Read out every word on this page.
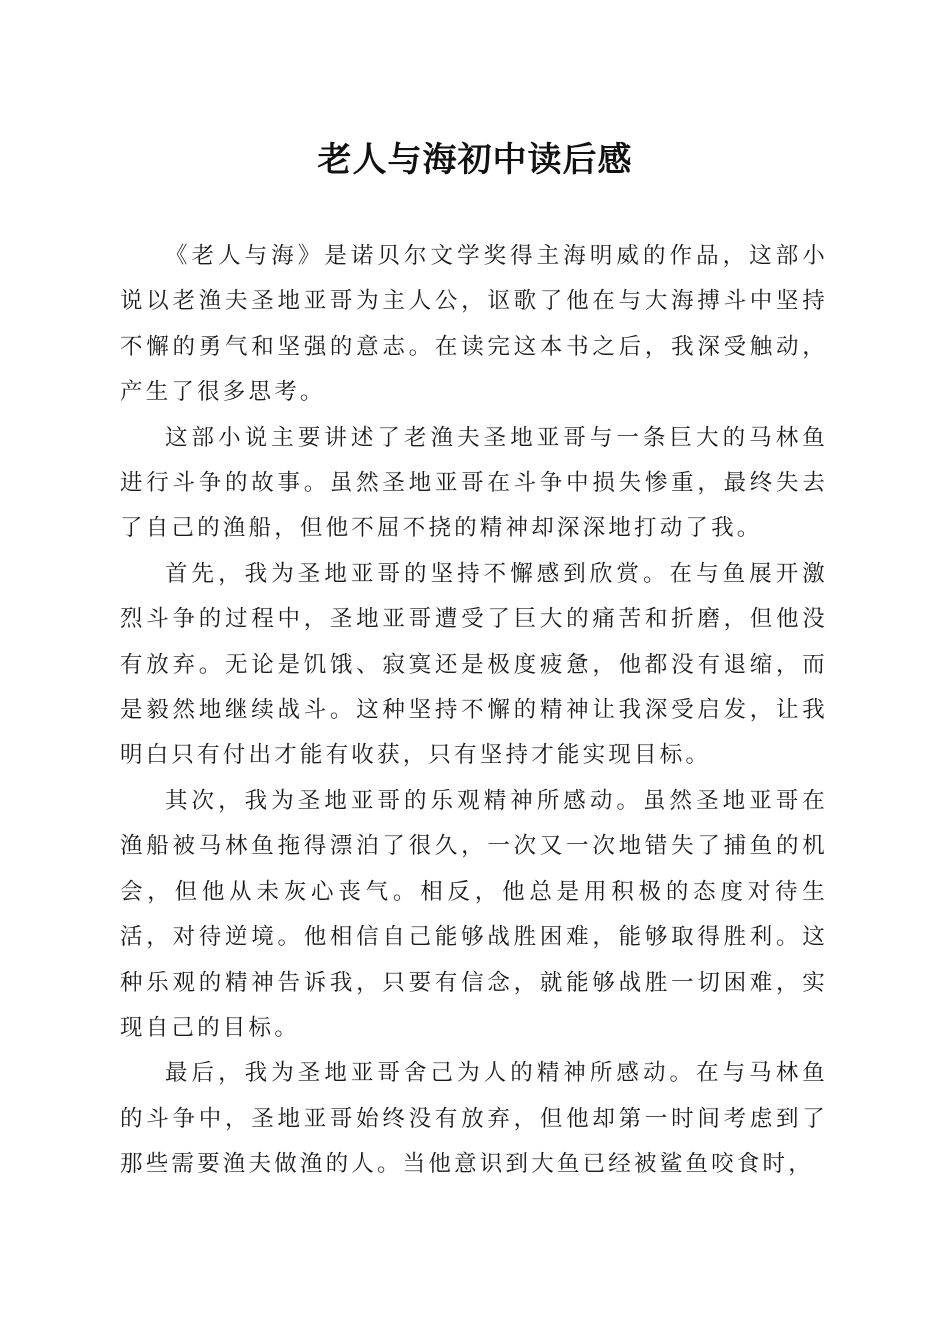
老人与海初中读后感

《老人与海》是诺贝尔文学奖得主海明威的作品，这部小说以老渔夫圣地亚哥为主人公，讴歌了他在与大海搏斗中坚持不懈的勇气和坚强的意志。在读完这本书之后，我深受触动，产生了很多思考。

这部小说主要讲述了老渔夫圣地亚哥与一条巨大的马林鱼进行斗争的故事。虽然圣地亚哥在斗争中损失惨重，最终失去了自己的渔船，但他不屈不挠的精神却深深地打动了我。

首先，我为圣地亚哥的坚持不懈感到欣赏。在与鱼展开激烈斗争的过程中，圣地亚哥遭受了巨大的痛苦和折磨，但他没有放弃。无论是饥饿、寂寞还是极度疲惫，他都没有退缩，而是毅然地继续战斗。这种坚持不懈的精神让我深受启发，让我明白只有付出才能有收获，只有坚持才能实现目标。

其次，我为圣地亚哥的乐观精神所感动。虽然圣地亚哥在渔船被马林鱼拖得漂泊了很久，一次又一次地错失了捕鱼的机会，但他从未灰心丧气。相反，他总是用积极的态度对待生活，对待逆境。他相信自己能够战胜困难，能够取得胜利。这种乐观的精神告诉我，只要有信念，就能够战胜一切困难，实现自己的目标。

最后，我为圣地亚哥舍己为人的精神所感动。在与马林鱼的斗争中，圣地亚哥始终没有放弃，但他却第一时间考虑到了那些需要渔夫做渔的人。当他意识到大鱼已经被鲨鱼咬食时，
